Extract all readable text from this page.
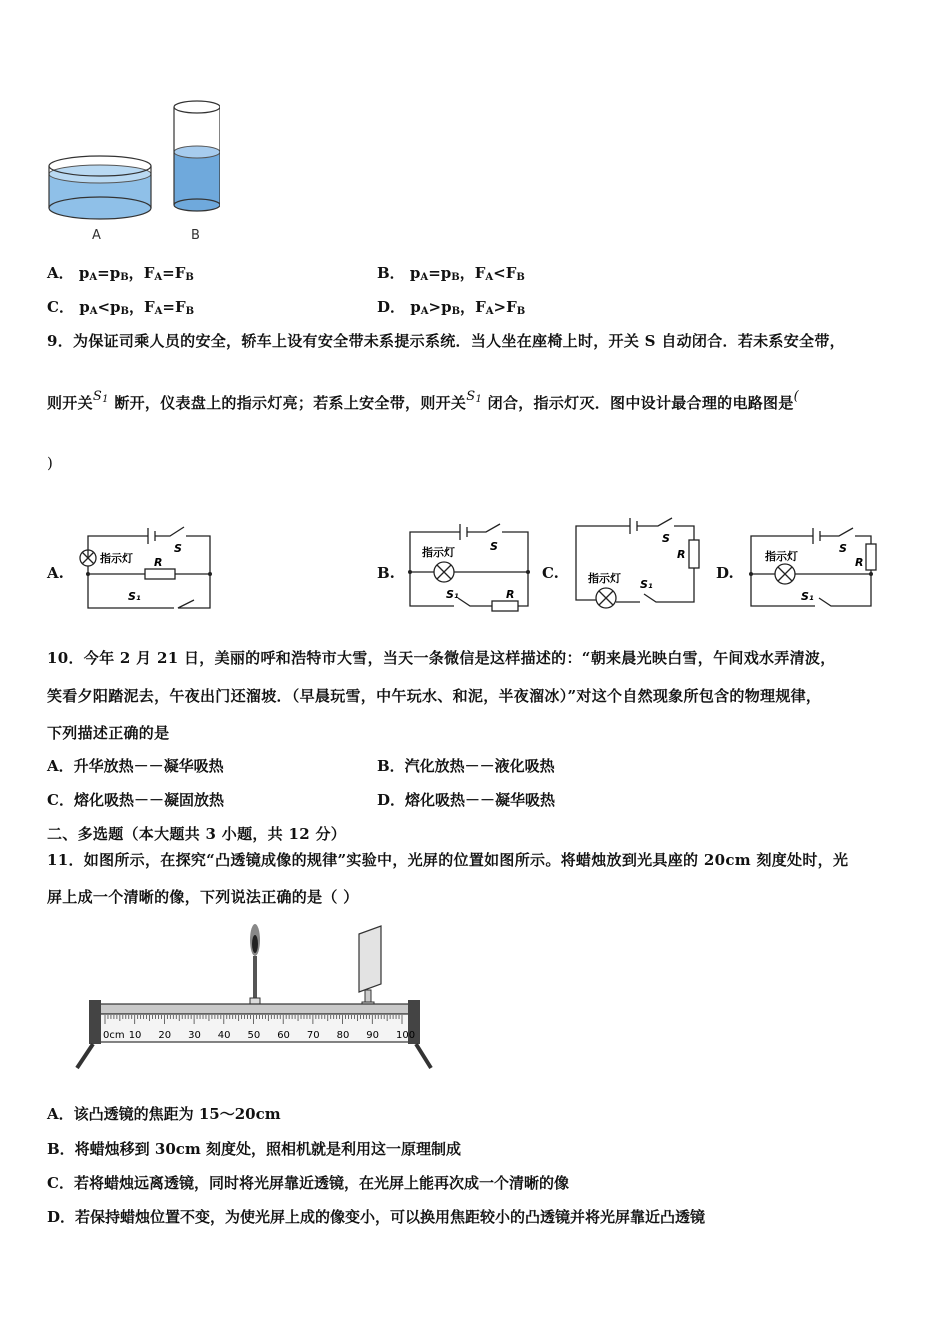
A	B
A． $p_A=p_B$，$F_A=F_B$	B． $p_A=p_B$，$F_A<F_B$
C． $p_A<p_B$，$F_A=F_B$	D． $p_A>p_B$，$F_A>F_B$
9．为保证司乘人员的安全，轿车上设有安全带未系提示系统．当人坐在座椅上时，开关 S 自动闭合．若未系安全带，
则开关$S_1$ 断开，仪表盘上的指示灯亮；若系上安全带，则开关$S_1$ 闭合，指示灯灭．图中设计最合理的电路图是(
)
A.	B.	C.	D.
指示灯
S
R
S₁
指示灯	S
S₁	R
指示灯
S
R
S₁
指示灯
S
R
S₁
10．今年 2 月 21 日，美丽的呼和浩特市大雪，当天一条微信是这样描述的：“朝来晨光映白雪，午间戏水弄清波，
笑看夕阳踏泥去，午夜出门还溜坡．（早晨玩雪，中午玩水、和泥，半夜溜冰）”对这个自然现象所包含的物理规律，
下列描述正确的是
A．升华放热－－凝华吸热	B．汽化放热－－液化吸热
C．熔化吸热－－凝固放热	D．熔化吸热－－凝华吸热
二、多选题（本大题共 3 小题，共 12 分）
11．如图所示，在探究“凸透镜成像的规律”实验中，光屏的位置如图所示。将蜡烛放到光具座的 20cm 刻度处时，光
屏上成一个清晰的像，下列说法正确的是（ ）
0cm 10 20 30 40 50 60 70 80 90 100
A．该凸透镜的焦距为 15～20cm
B．将蜡烛移到 30cm 刻度处，照相机就是利用这一原理制成
C．若将蜡烛远离透镜，同时将光屏靠近透镜，在光屏上能再次成一个清晰的像
D．若保持蜡烛位置不变，为使光屏上成的像变小，可以换用焦距较小的凸透镜并将光屏靠近凸透镜
